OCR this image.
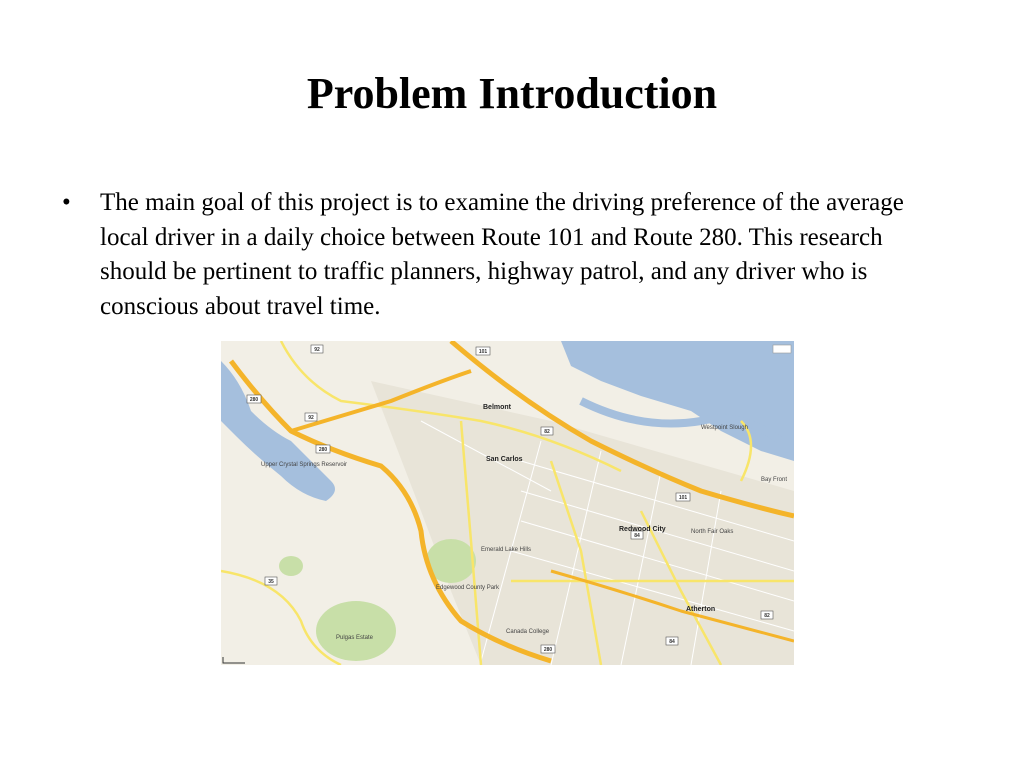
Problem Introduction
• The main goal of this project is to examine the driving preference of the average local driver in a daily choice between Route 101 and Route 280. This research should be pertinent to traffic planners, highway patrol, and any driver who is conscious about travel time.
101
101
92
92
280
280
280
82
82
84
84
35
Belmont
San Carlos
Redwood City
Atherton
North Fair Oaks
Emerald Lake Hills
Edgewood County Park
Upper Crystal Springs Reservoir
Westpoint Slough
Canada College
Pulgas Estate
Bay Front
